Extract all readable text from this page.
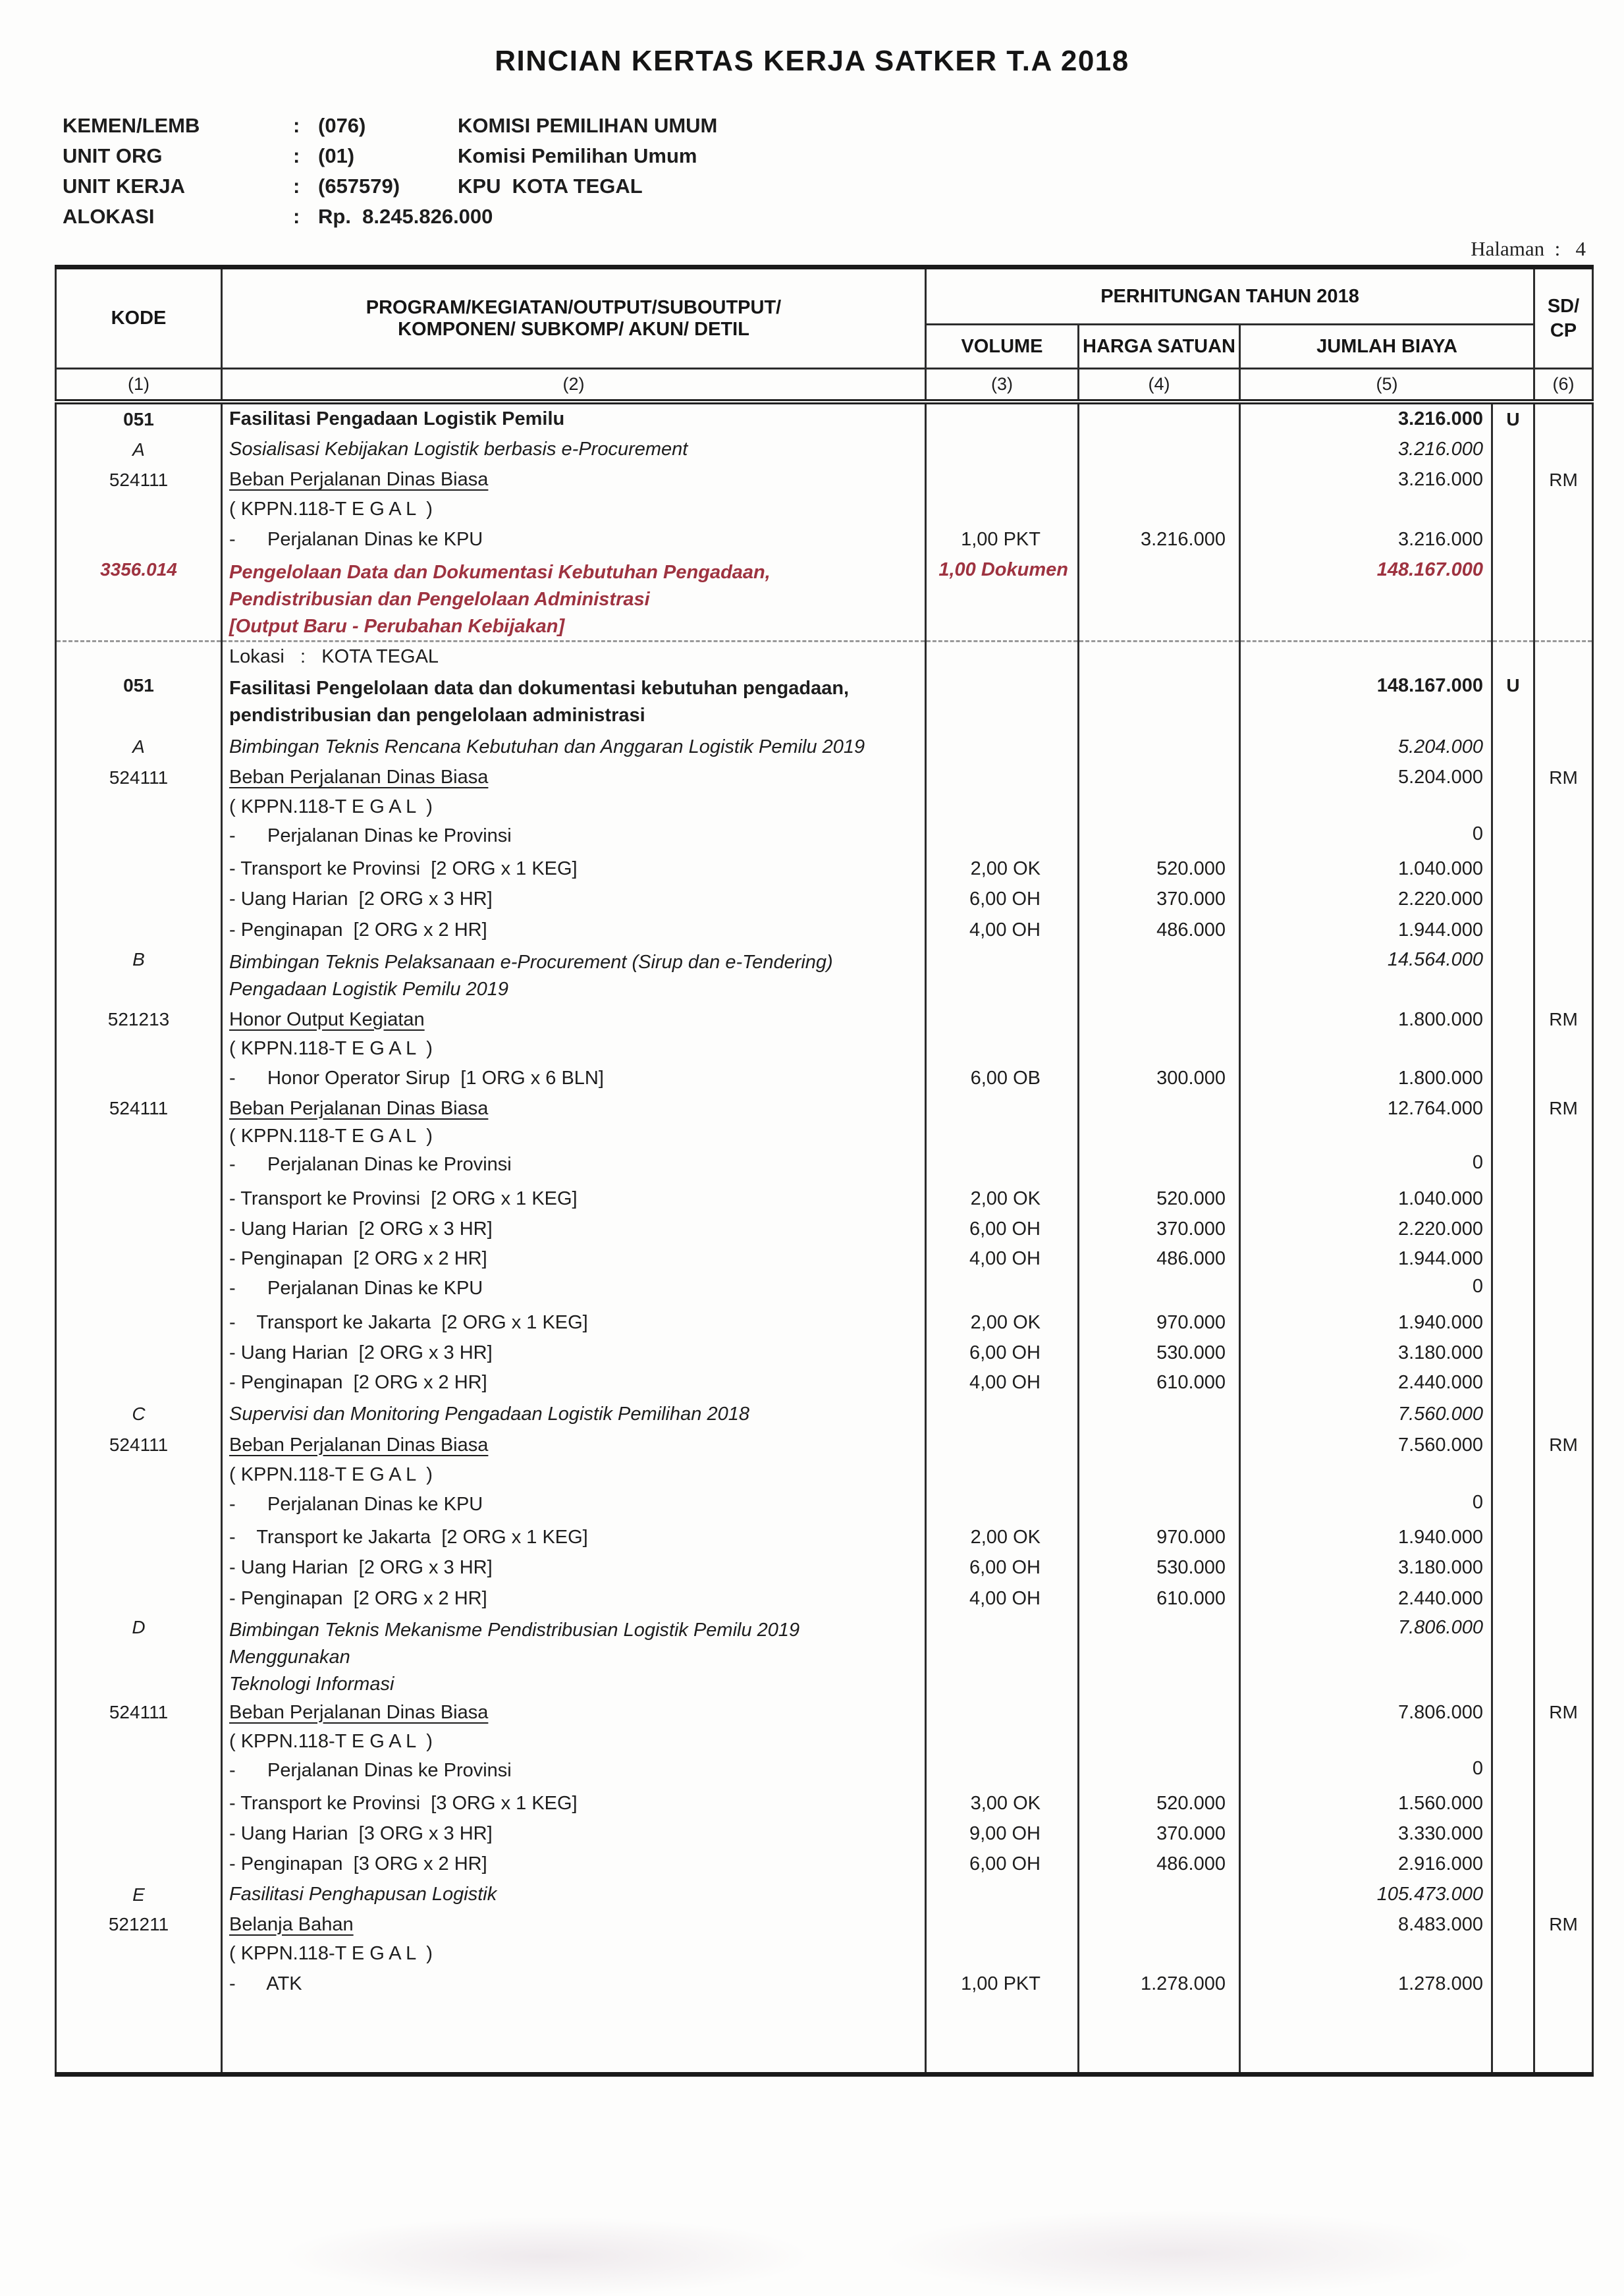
RINCIAN KERTAS KERJA SATKER T.A 2018
KEMEN/LEMB	: (076)	KOMISI PEMILIHAN UMUM
UNIT ORG	: (01)	Komisi Pemilihan Umum
UNIT KERJA	: (657579)	KPU  KOTA TEGAL
ALOKASI	: Rp.  8.245.826.000
Halaman  :   4
KODE	
PROGRAM/KEGIATAN/OUTPUT/SUBOUTPUT/
KOMPONEN/ SUBKOMP/ AKUN/ DETIL
	PERHITUNGAN TAHUN 2018	SD/
CP

		VOLUME	HARGA SATUAN	JUMLAH BIAYA		
(1)	(2)	(3)	(4)	(5)		(6)

051	Fasilitasi Pengadaan Logistik Pemilu			3.216.000	U	

A	Sosialisasi Kebijakan Logistik berbasis e-Procurement			3.216.000		

524111	Beban Perjalanan Dinas Biasa			3.216.000		RM

	( KPPN.118-T E G A L  )					

	-      Perjalanan Dinas ke KPU	1,00 PKT	3.216.000	3.216.000		

3356.014	Pengelolaan Data dan Dokumentasi Kebutuhan Pengadaan,
Pendistribusian dan Pengelolaan Administrasi
[Output Baru - Perubahan Kebijakan]	1,00 Dokumen		148.167.000		

	Lokasi   :   KOTA TEGAL					

051	Fasilitasi Pengelolaan data dan dokumentasi kebutuhan pengadaan,
pendistribusian dan pengelolaan administrasi			148.167.000	U	

A	Bimbingan Teknis Rencana Kebutuhan dan Anggaran Logistik Pemilu 2019			5.204.000		

524111	Beban Perjalanan Dinas Biasa			5.204.000		RM

	( KPPN.118-T E G A L  )					

	-      Perjalanan Dinas ke Provinsi			0		

	- Transport ke Provinsi  [2 ORG x 1 KEG]	2,00 OK	520.000	1.040.000		

	- Uang Harian  [2 ORG x 3 HR]	6,00 OH	370.000	2.220.000		

	- Penginapan  [2 ORG x 2 HR]	4,00 OH	486.000	1.944.000		

B	Bimbingan Teknis Pelaksanaan e-Procurement (Sirup dan e-Tendering)
Pengadaan Logistik Pemilu 2019			14.564.000		

521213	Honor Output Kegiatan			1.800.000		RM

	( KPPN.118-T E G A L  )					

	-      Honor Operator Sirup  [1 ORG x 6 BLN]	6,00 OB	300.000	1.800.000		

524111	Beban Perjalanan Dinas Biasa			12.764.000		RM

	( KPPN.118-T E G A L  )					

	-      Perjalanan Dinas ke Provinsi			0		

	- Transport ke Provinsi  [2 ORG x 1 KEG]	2,00 OK	520.000	1.040.000		

	- Uang Harian  [2 ORG x 3 HR]	6,00 OH	370.000	2.220.000		

	- Penginapan  [2 ORG x 2 HR]	4,00 OH	486.000	1.944.000		

	-      Perjalanan Dinas ke KPU			0		

	-    Transport ke Jakarta  [2 ORG x 1 KEG]	2,00 OK	970.000	1.940.000		

	- Uang Harian  [2 ORG x 3 HR]	6,00 OH	530.000	3.180.000		

	- Penginapan  [2 ORG x 2 HR]	4,00 OH	610.000	2.440.000		

C	Supervisi dan Monitoring Pengadaan Logistik Pemilihan 2018			7.560.000		

524111	Beban Perjalanan Dinas Biasa			7.560.000		RM

	( KPPN.118-T E G A L  )					

	-      Perjalanan Dinas ke KPU			0		

	-    Transport ke Jakarta  [2 ORG x 1 KEG]	2,00 OK	970.000	1.940.000		

	- Uang Harian  [2 ORG x 3 HR]	6,00 OH	530.000	3.180.000		

	- Penginapan  [2 ORG x 2 HR]	4,00 OH	610.000	2.440.000		

D	Bimbingan Teknis Mekanisme Pendistribusian Logistik Pemilu 2019 Menggunakan
Teknologi Informasi			7.806.000		

524111	Beban Perjalanan Dinas Biasa			7.806.000		RM

	( KPPN.118-T E G A L  )					

	-      Perjalanan Dinas ke Provinsi			0		

	- Transport ke Provinsi  [3 ORG x 1 KEG]	3,00 OK	520.000	1.560.000		

	- Uang Harian  [3 ORG x 3 HR]	9,00 OH	370.000	3.330.000		

	- Penginapan  [3 ORG x 2 HR]	6,00 OH	486.000	2.916.000		

E	Fasilitasi Penghapusan Logistik			105.473.000		

521211	Belanja Bahan			8.483.000		RM

	( KPPN.118-T E G A L  )					

	-      ATK	1,00 PKT	1.278.000	1.278.000		
